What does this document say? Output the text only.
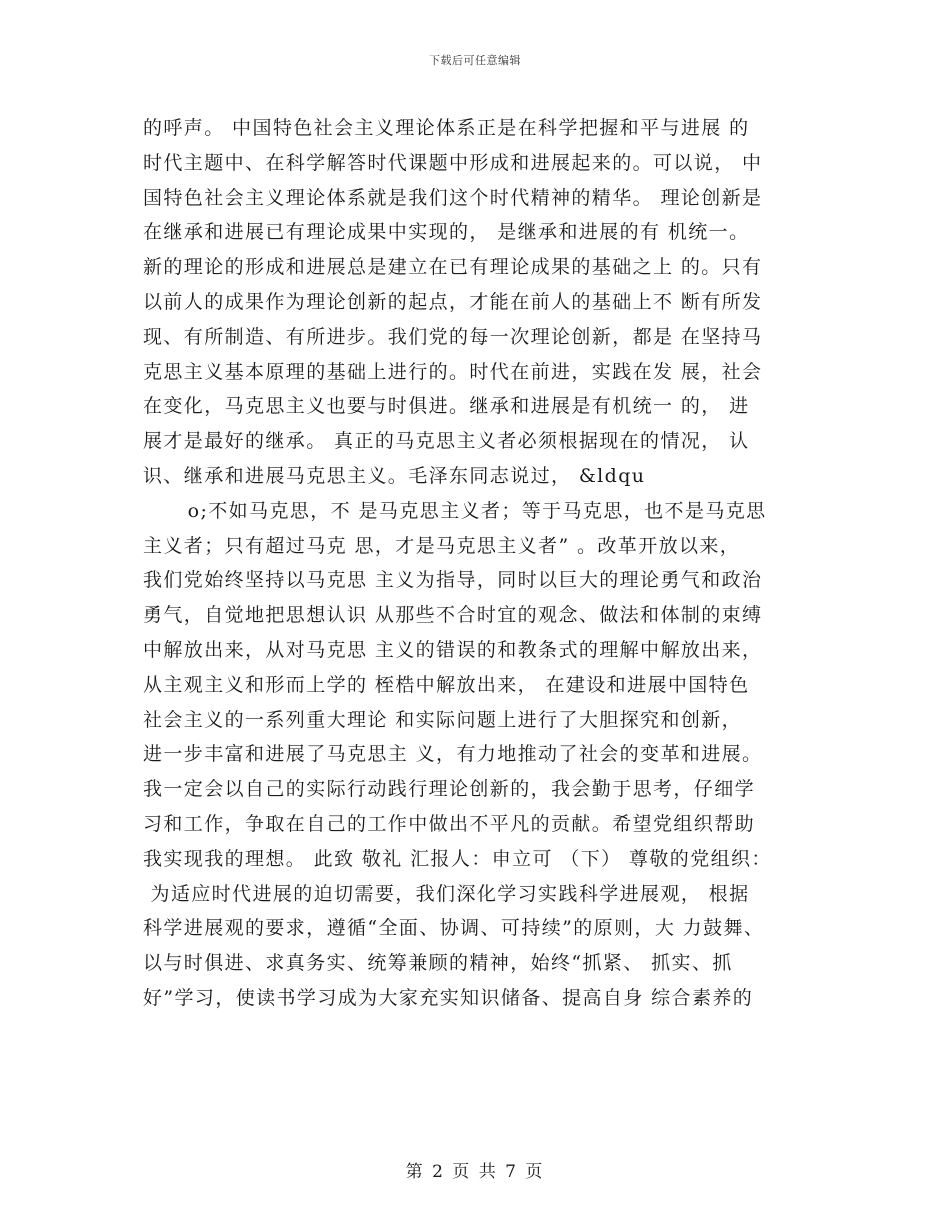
下载后可任意编辑
的呼声。 中国特色社会主义理论体系正是在科学把握和平与进展 的
时代主题中、在科学解答时代课题中形成和进展起来的。可以说， 中
国特色社会主义理论体系就是我们这个时代精神的精华。 理论创新是
在继承和进展已有理论成果中实现的， 是继承和进展的有 机统一。
新的理论的形成和进展总是建立在已有理论成果的基础之上 的。只有
以前人的成果作为理论创新的起点，才能在前人的基础上不 断有所发
现、有所制造、有所进步。我们党的每一次理论创新，都是 在坚持马
克思主义基本原理的基础上进行的。时代在前进，实践在发 展，社会
在变化，马克思主义也要与时俱进。继承和进展是有机统一 的， 进
展才是最好的继承。 真正的马克思主义者必须根据现在的情况， 认
识、继承和进展马克思主义。毛泽东同志说过， &ldqu
o;不如马克思，不 是马克思主义者；等于马克思，也不是马克思
主义者；只有超过马克 思，才是马克思主义者” 。改革开放以来，
我们党始终坚持以马克思 主义为指导，同时以巨大的理论勇气和政治
勇气，自觉地把思想认识 从那些不合时宜的观念、做法和体制的束缚
中解放出来，从对马克思 主义的错误的和教条式的理解中解放出来，
从主观主义和形而上学的 桎梏中解放出来， 在建设和进展中国特色
社会主义的一系列重大理论 和实际问题上进行了大胆探究和创新，
进一步丰富和进展了马克思主 义，有力地推动了社会的变革和进展。
我一定会以自己的实际行动践行理论创新的，我会勤于思考，仔细学
习和工作，争取在自己的工作中做出不平凡的贡献。希望党组织帮助
我实现我的理想。 此致 敬礼 汇报人：申立可 （下） 尊敬的党组织：
为适应时代进展的迫切需要，我们深化学习实践科学进展观， 根据
科学进展观的要求，遵循“全面、协调、可持续”的原则，大 力鼓舞、
以与时俱进、求真务实、统筹兼顾的精神，始终“抓紧、 抓实、抓
好”学习，使读书学习成为大家充实知识储备、提高自身 综合素养的
第 2 页 共 7 页
